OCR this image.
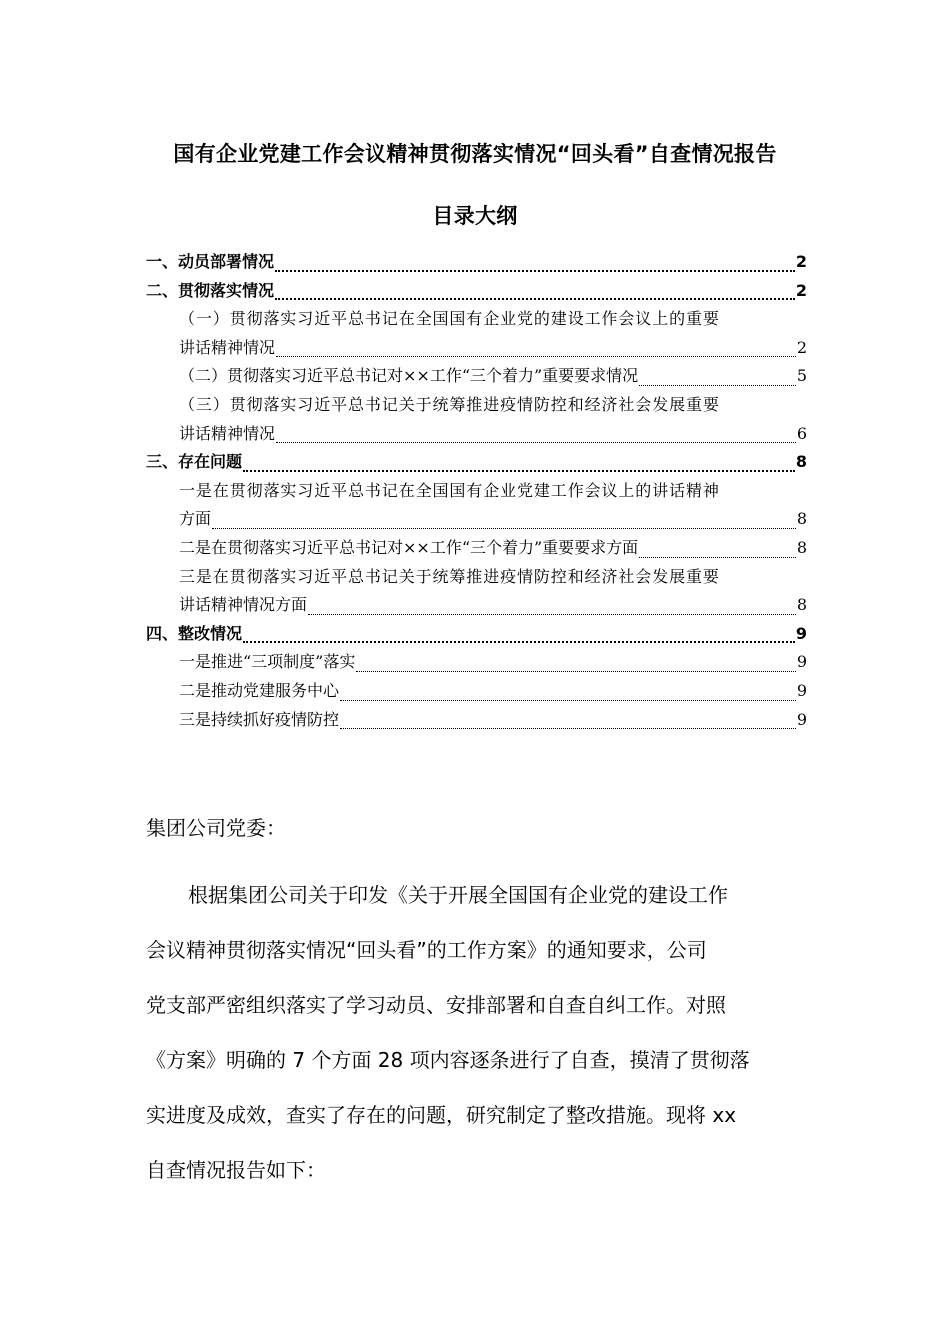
国有企业党建工作会议精神贯彻落实情况“回头看”自查情况报告
目录大纲
一、动员部署情况	2
二、贯彻落实情况	2
（一）贯彻落实习近平总书记在全国国有企业党的建设工作会议上的重要
讲话精神情况	2
（二）贯彻落实习近平总书记对××工作“三个着力”重要要求情况	5
（三）贯彻落实习近平总书记关于统筹推进疫情防控和经济社会发展重要
讲话精神情况	6
三、存在问题	8
一是在贯彻落实习近平总书记在全国国有企业党建工作会议上的讲话精神
方面	8
二是在贯彻落实习近平总书记对××工作“三个着力”重要要求方面	8
三是在贯彻落实习近平总书记关于统筹推进疫情防控和经济社会发展重要
讲话精神情况方面	8
四、整改情况	9
一是推进“三项制度”落实	9
二是推动党建服务中心	9
三是持续抓好疫情防控	9
集团公司党委：
根据集团公司关于印发《关于开展全国国有企业党的建设工作
会议精神贯彻落实情况“回头看”的工作方案》的通知要求，公司
党支部严密组织落实了学习动员、安排部署和自查自纠工作。对照
《方案》明确的 7 个方面 28 项内容逐条进行了自查，摸清了贯彻落
实进度及成效，查实了存在的问题，研究制定了整改措施。现将 xx
自查情况报告如下：
